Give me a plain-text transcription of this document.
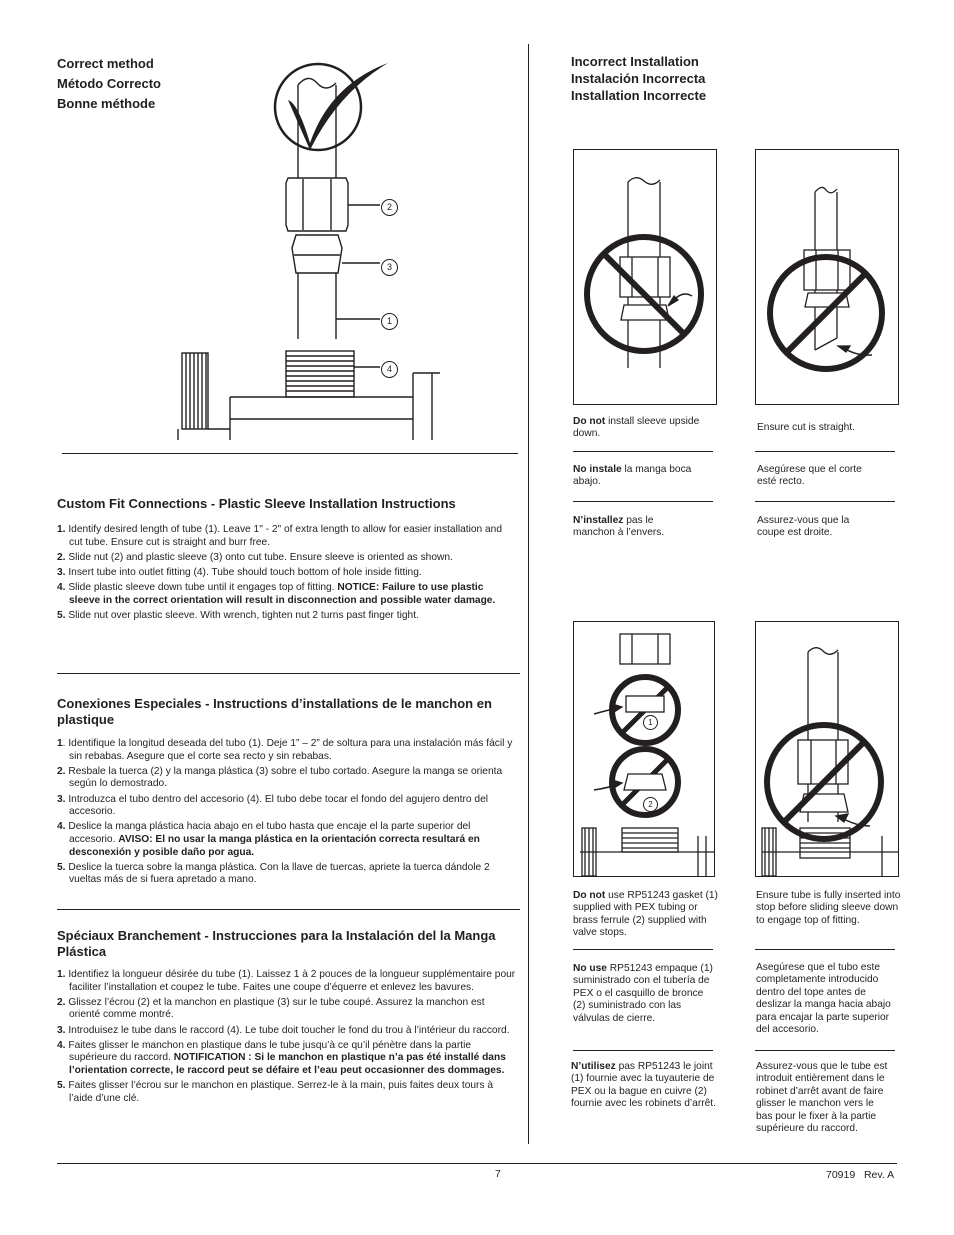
Correct method
Método Correcto
Bonne méthode
2
3
1
4
Custom Fit Connections - Plastic Sleeve Installation Instructions
1. Identify desired length of tube (1). Leave 1" - 2" of extra length to allow for easier installation and cut tube. Ensure cut is straight and burr free.
2. Slide nut (2) and plastic sleeve (3) onto cut tube. Ensure sleeve is oriented as shown.
3. Insert tube into outlet fitting (4). Tube should touch bottom of hole inside fitting.
4. Slide plastic sleeve down tube until it engages top of fitting. NOTICE: Failure to use plastic sleeve in the correct orientation will result in disconnection and possible water damage.
5. Slide nut over plastic sleeve. With wrench, tighten nut 2 turns past finger tight.
Conexiones Especiales - Instructions d’installations de le manchon en plastique
1. Identifique la longitud deseada del tubo (1). Deje 1” – 2” de soltura para una instalación más fácil y sin rebabas. Asegure que el corte sea recto y sin rebabas.
2. Resbale la tuerca (2) y la manga plástica (3) sobre el tubo cortado. Asegure la manga se orienta según lo demostrado.
3. Introduzca el tubo dentro del accesorio (4). El tubo debe tocar el fondo del agujero dentro del accesorio.
4. Deslice la manga plástica hacia abajo en el tubo hasta que encaje el la parte superior del accesorio. AVISO: El no usar la manga plástica en la orientación correcta resultará en desconexión y posible daño por agua.
5. Deslice la tuerca sobre la manga plástica. Con la llave de tuercas, apriete la tuerca dándole 2 vueltas más de si fuera apretado a mano.
Spéciaux Branchement - Instrucciones para la Instalación del la Manga Plástica
1. Identifiez la longueur désirée du tube (1). Laissez 1 à 2 pouces de la longueur supplémentaire pour faciliter l’installation et coupez le tube. Faites une coupe d’équerre et enlevez les bavures.
2. Glissez l’écrou (2) et la manchon en plastique (3) sur le tube coupé. Assurez la manchon est orienté comme montré.
3. Introduisez le tube dans le raccord (4). Le tube doit toucher le fond du trou à l’intérieur du raccord.
4. Faites glisser le manchon en plastique dans le tube jusqu’à ce qu’il pénètre dans la partie supérieure du raccord. NOTIFICATION : Si le manchon en plastique n’a pas été installé dans l’orientation correcte, le raccord peut se défaire et l’eau peut occasionner des dommages.
5. Faites glisser l’écrou sur le manchon en plastique. Serrez-le à la main, puis faites deux tours à l’aide d’une clé.
Incorrect Installation
Instalación Incorrecta
Installation Incorrecte
Do not install sleeve upside down.
No instale la manga boca abajo.
N’installez pas le manchon à l’envers.
Ensure cut is straight.
Asegúrese que el corte esté recto.
Assurez-vous que la coupe est droite.
1
2
Do not use RP51243 gasket (1) supplied with PEX tubing or brass ferrule (2) supplied with valve stops.
No use RP51243 empaque (1) suministrado con el tubería de PEX o el casquillo de bronce (2) suministrado con las válvulas de cierre.
N’utilisez pas RP51243 le joint (1) fournie avec la tuyauterie de PEX ou la bague en cuivre (2) fournie avec les robinets d’arrêt.
Ensure tube is fully inserted into stop before sliding sleeve down to engage top of fitting.
Asegúrese que el tubo este completamente introducido dentro del tope antes de deslizar la manga hacia abajo para encajar la parte superior del accesorio.
Assurez-vous que le tube est introduit entièrement dans le robinet d’arrêt avant de faire glisser le manchon vers le bas pour le fixer à la partie supérieure du raccord.
7	70919   Rev. A
